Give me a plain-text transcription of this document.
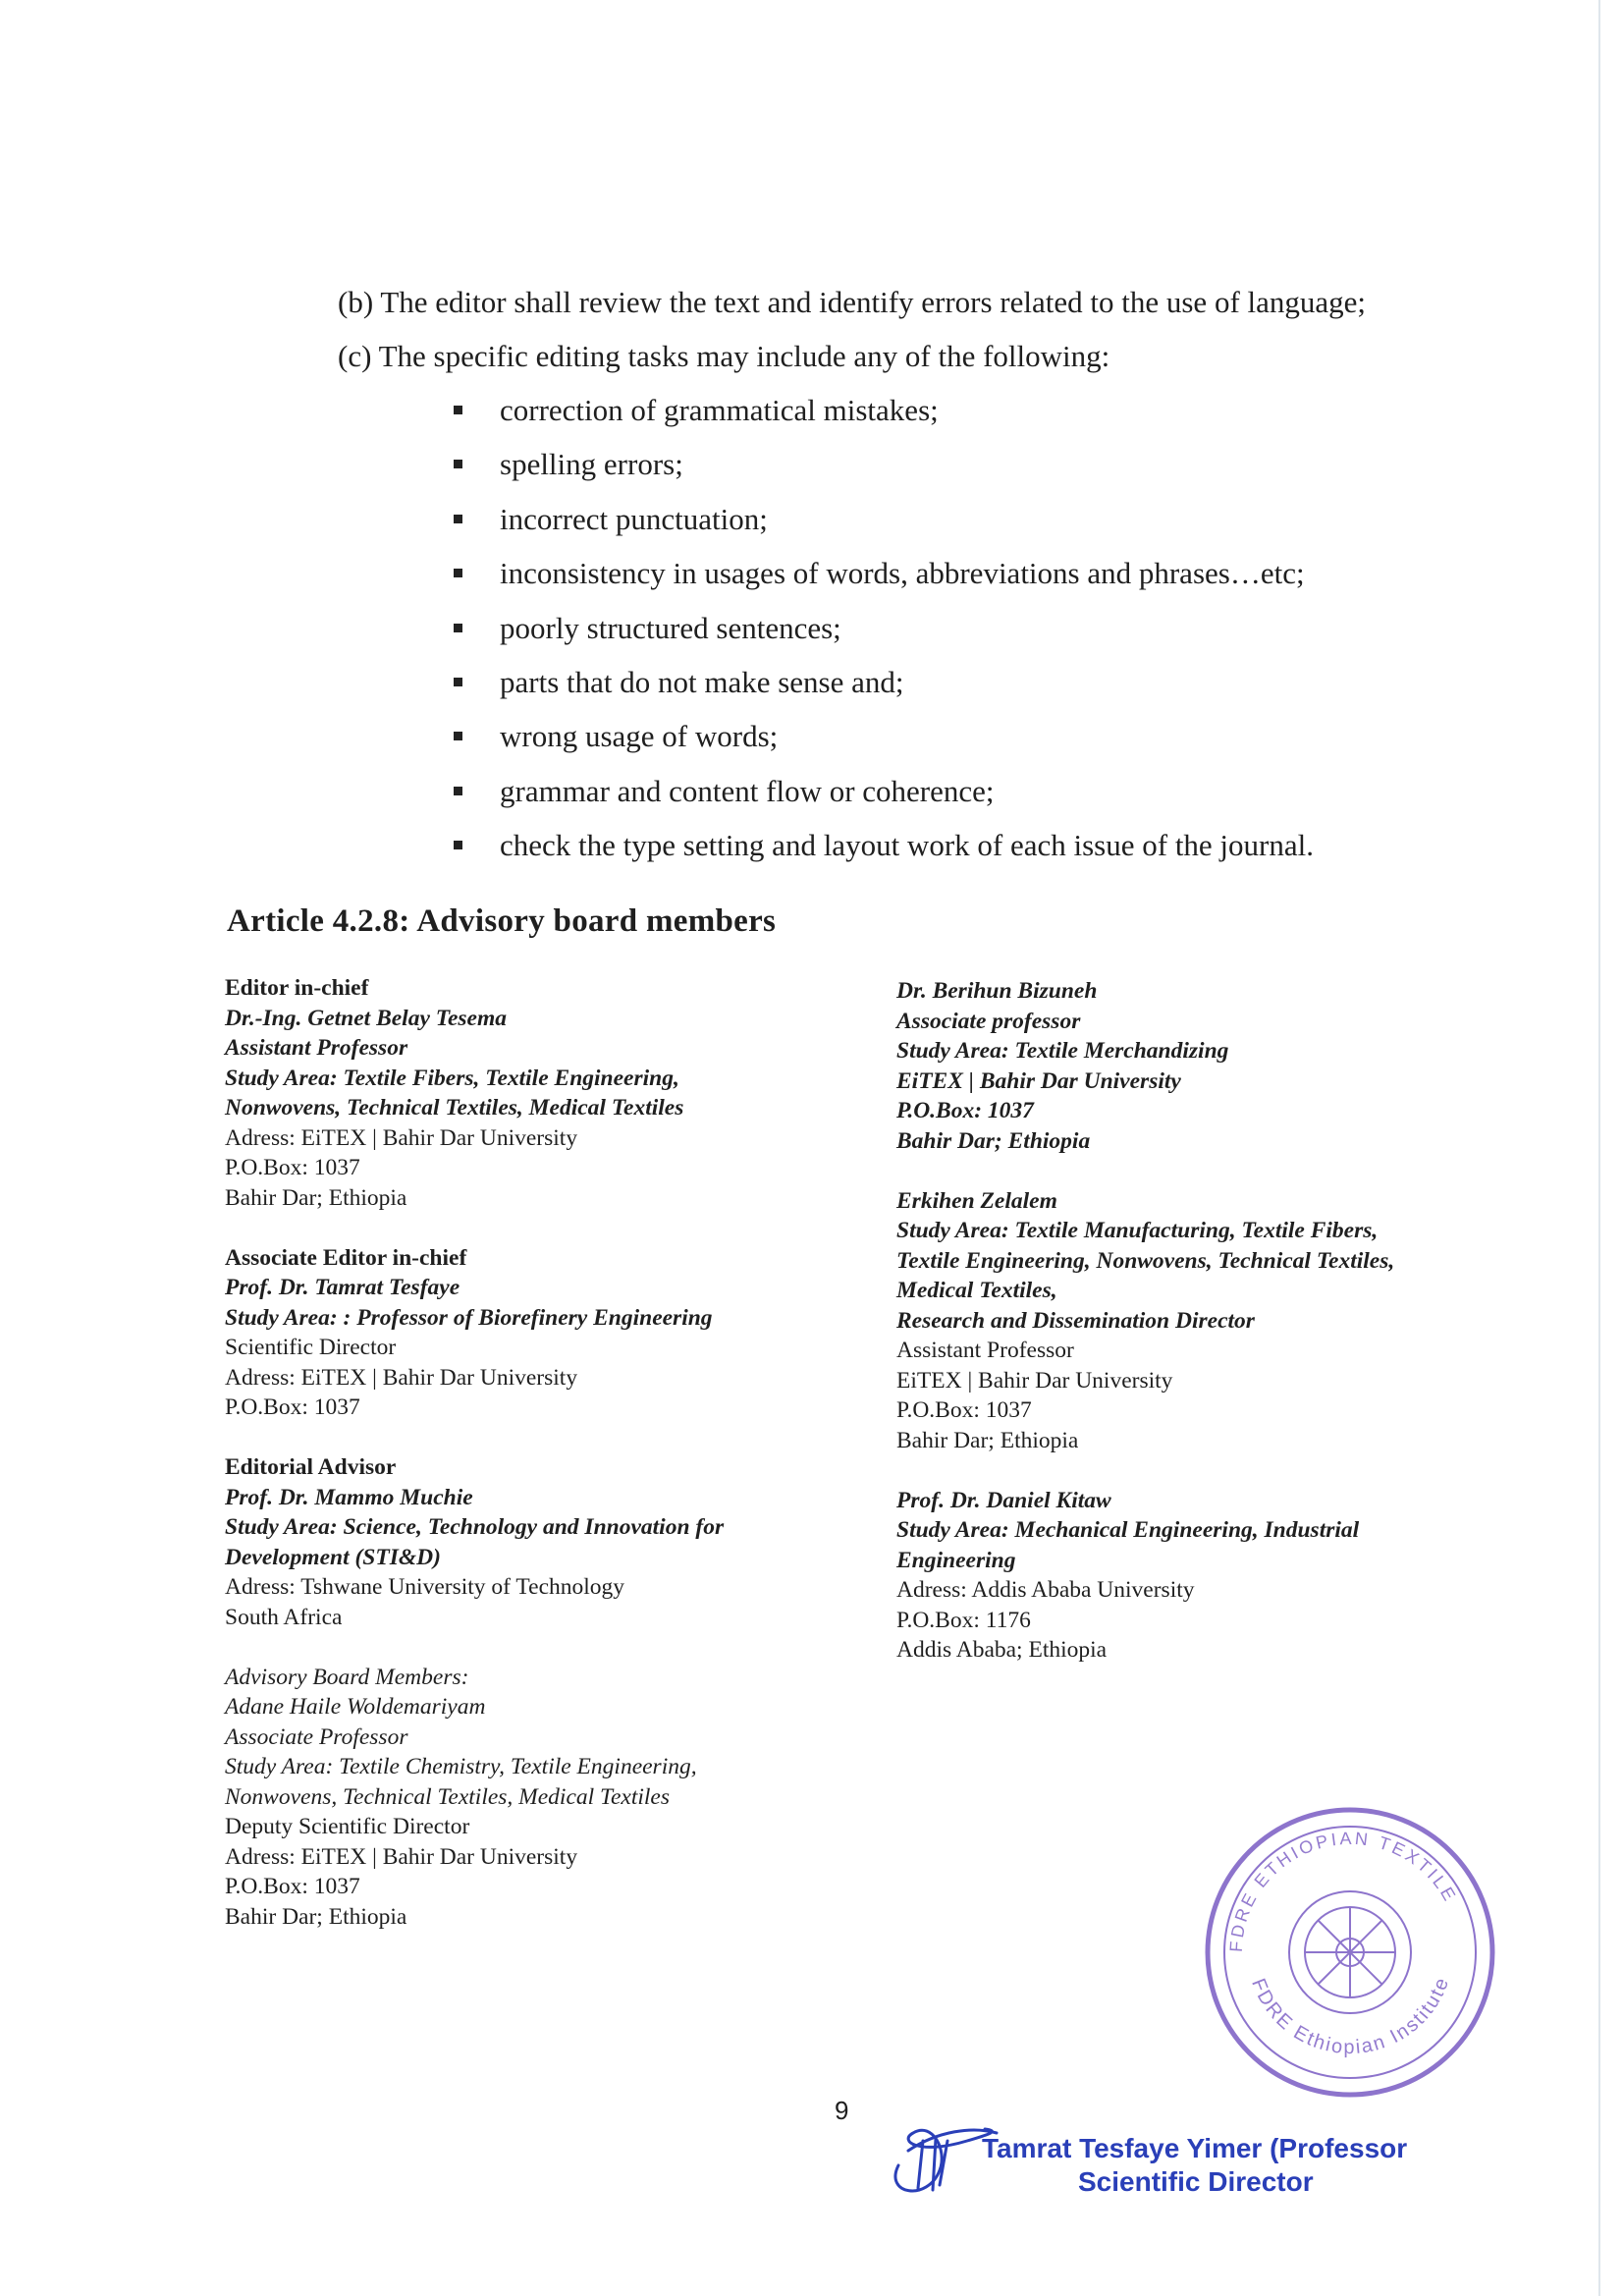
(b) The editor shall review the text and identify errors related to the use of language;
(c) The specific editing tasks may include any of the following:
correction of grammatical mistakes;
spelling errors;
incorrect punctuation;
inconsistency in usages of words, abbreviations and phrases…etc;
poorly structured sentences;
parts that do not make sense and;
wrong usage of words;
grammar and content flow or coherence;
check the type setting and layout work of each issue of the journal.
Article 4.2.8: Advisory board members
Editor in-chief
Dr.-Ing. Getnet Belay Tesema
Assistant Professor
Study Area: Textile Fibers, Textile Engineering,
Nonwovens, Technical Textiles, Medical Textiles
Adress: EiTEX | Bahir Dar University
P.O.Box: 1037
Bahir Dar; Ethiopia
Associate Editor in-chief
Prof. Dr. Tamrat Tesfaye
Study Area: : Professor of Biorefinery Engineering
Scientific Director
Adress: EiTEX | Bahir Dar University
P.O.Box: 1037
Editorial Advisor
Prof. Dr. Mammo Muchie
Study Area: Science, Technology and Innovation for
Development (STI&D)
Adress: Tshwane University of Technology
South Africa
Advisory Board Members:
Adane Haile Woldemariyam
Associate Professor
Study Area: Textile Chemistry, Textile Engineering,
Nonwovens, Technical Textiles, Medical Textiles
Deputy Scientific Director
Adress: EiTEX | Bahir Dar University
P.O.Box: 1037
Bahir Dar; Ethiopia
Dr. Berihun Bizuneh
Associate professor
Study Area: Textile Merchandizing
EiTEX | Bahir Dar University
P.O.Box: 1037
Bahir Dar; Ethiopia
Erkihen Zelalem
Study Area: Textile Manufacturing, Textile Fibers,
Textile Engineering, Nonwovens, Technical Textiles,
Medical Textiles,
Research and Dissemination Director
Assistant Professor
EiTEX | Bahir Dar University
P.O.Box: 1037
Bahir Dar; Ethiopia
Prof. Dr. Daniel Kitaw
Study Area: Mechanical Engineering, Industrial
Engineering
Adress: Addis Ababa University
P.O.Box: 1176
Addis Ababa; Ethiopia
FDRE ETHIOPIAN TEXTILE
FDRE Ethiopian Institute
9
Tamrat Tesfaye Yimer (Professor
Scientific Director
